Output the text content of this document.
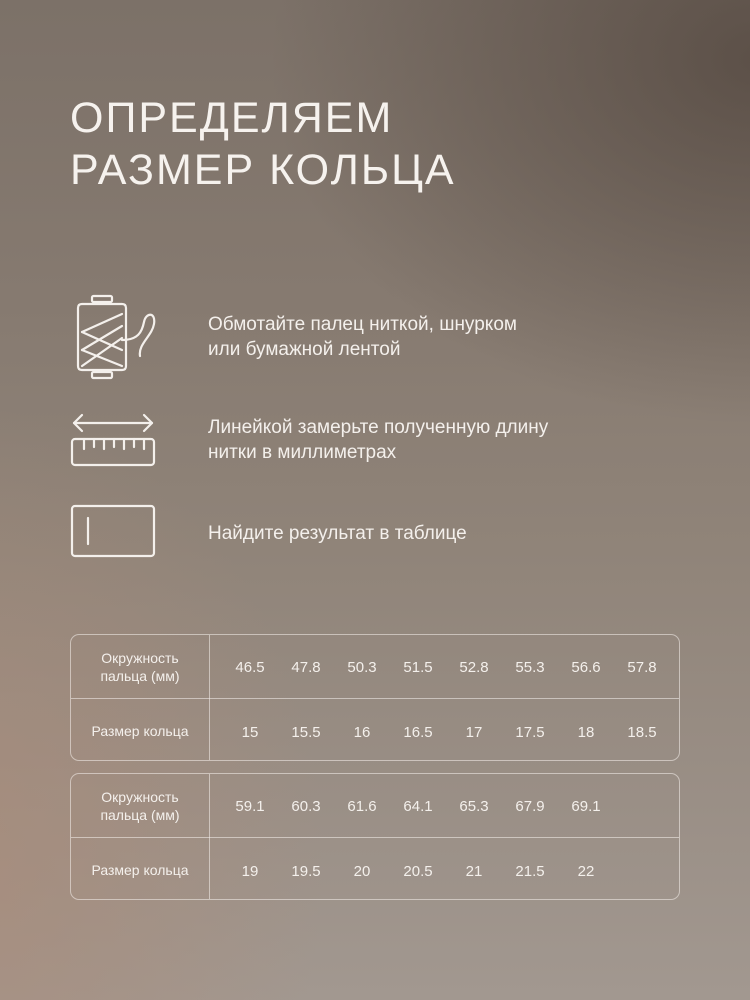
ОПРЕДЕЛЯЕМ
РАЗМЕР КОЛЬЦА
Обмотайте палец ниткой, шнурком
или бумажной лентой
Линейкой замерьте полученную длину
нитки в миллиметрах
Найдите результат в таблице
Окружность
пальца (мм)	46.5	47.8	50.3	51.5	52.8	55.3	56.6	57.8
Размер кольца	15	15.5	16	16.5	17	17.5	18	18.5
Окружность
пальца (мм)	59.1	60.3	61.6	64.1	65.3	67.9	69.1
Размер кольца	19	19.5	20	20.5	21	21.5	22
